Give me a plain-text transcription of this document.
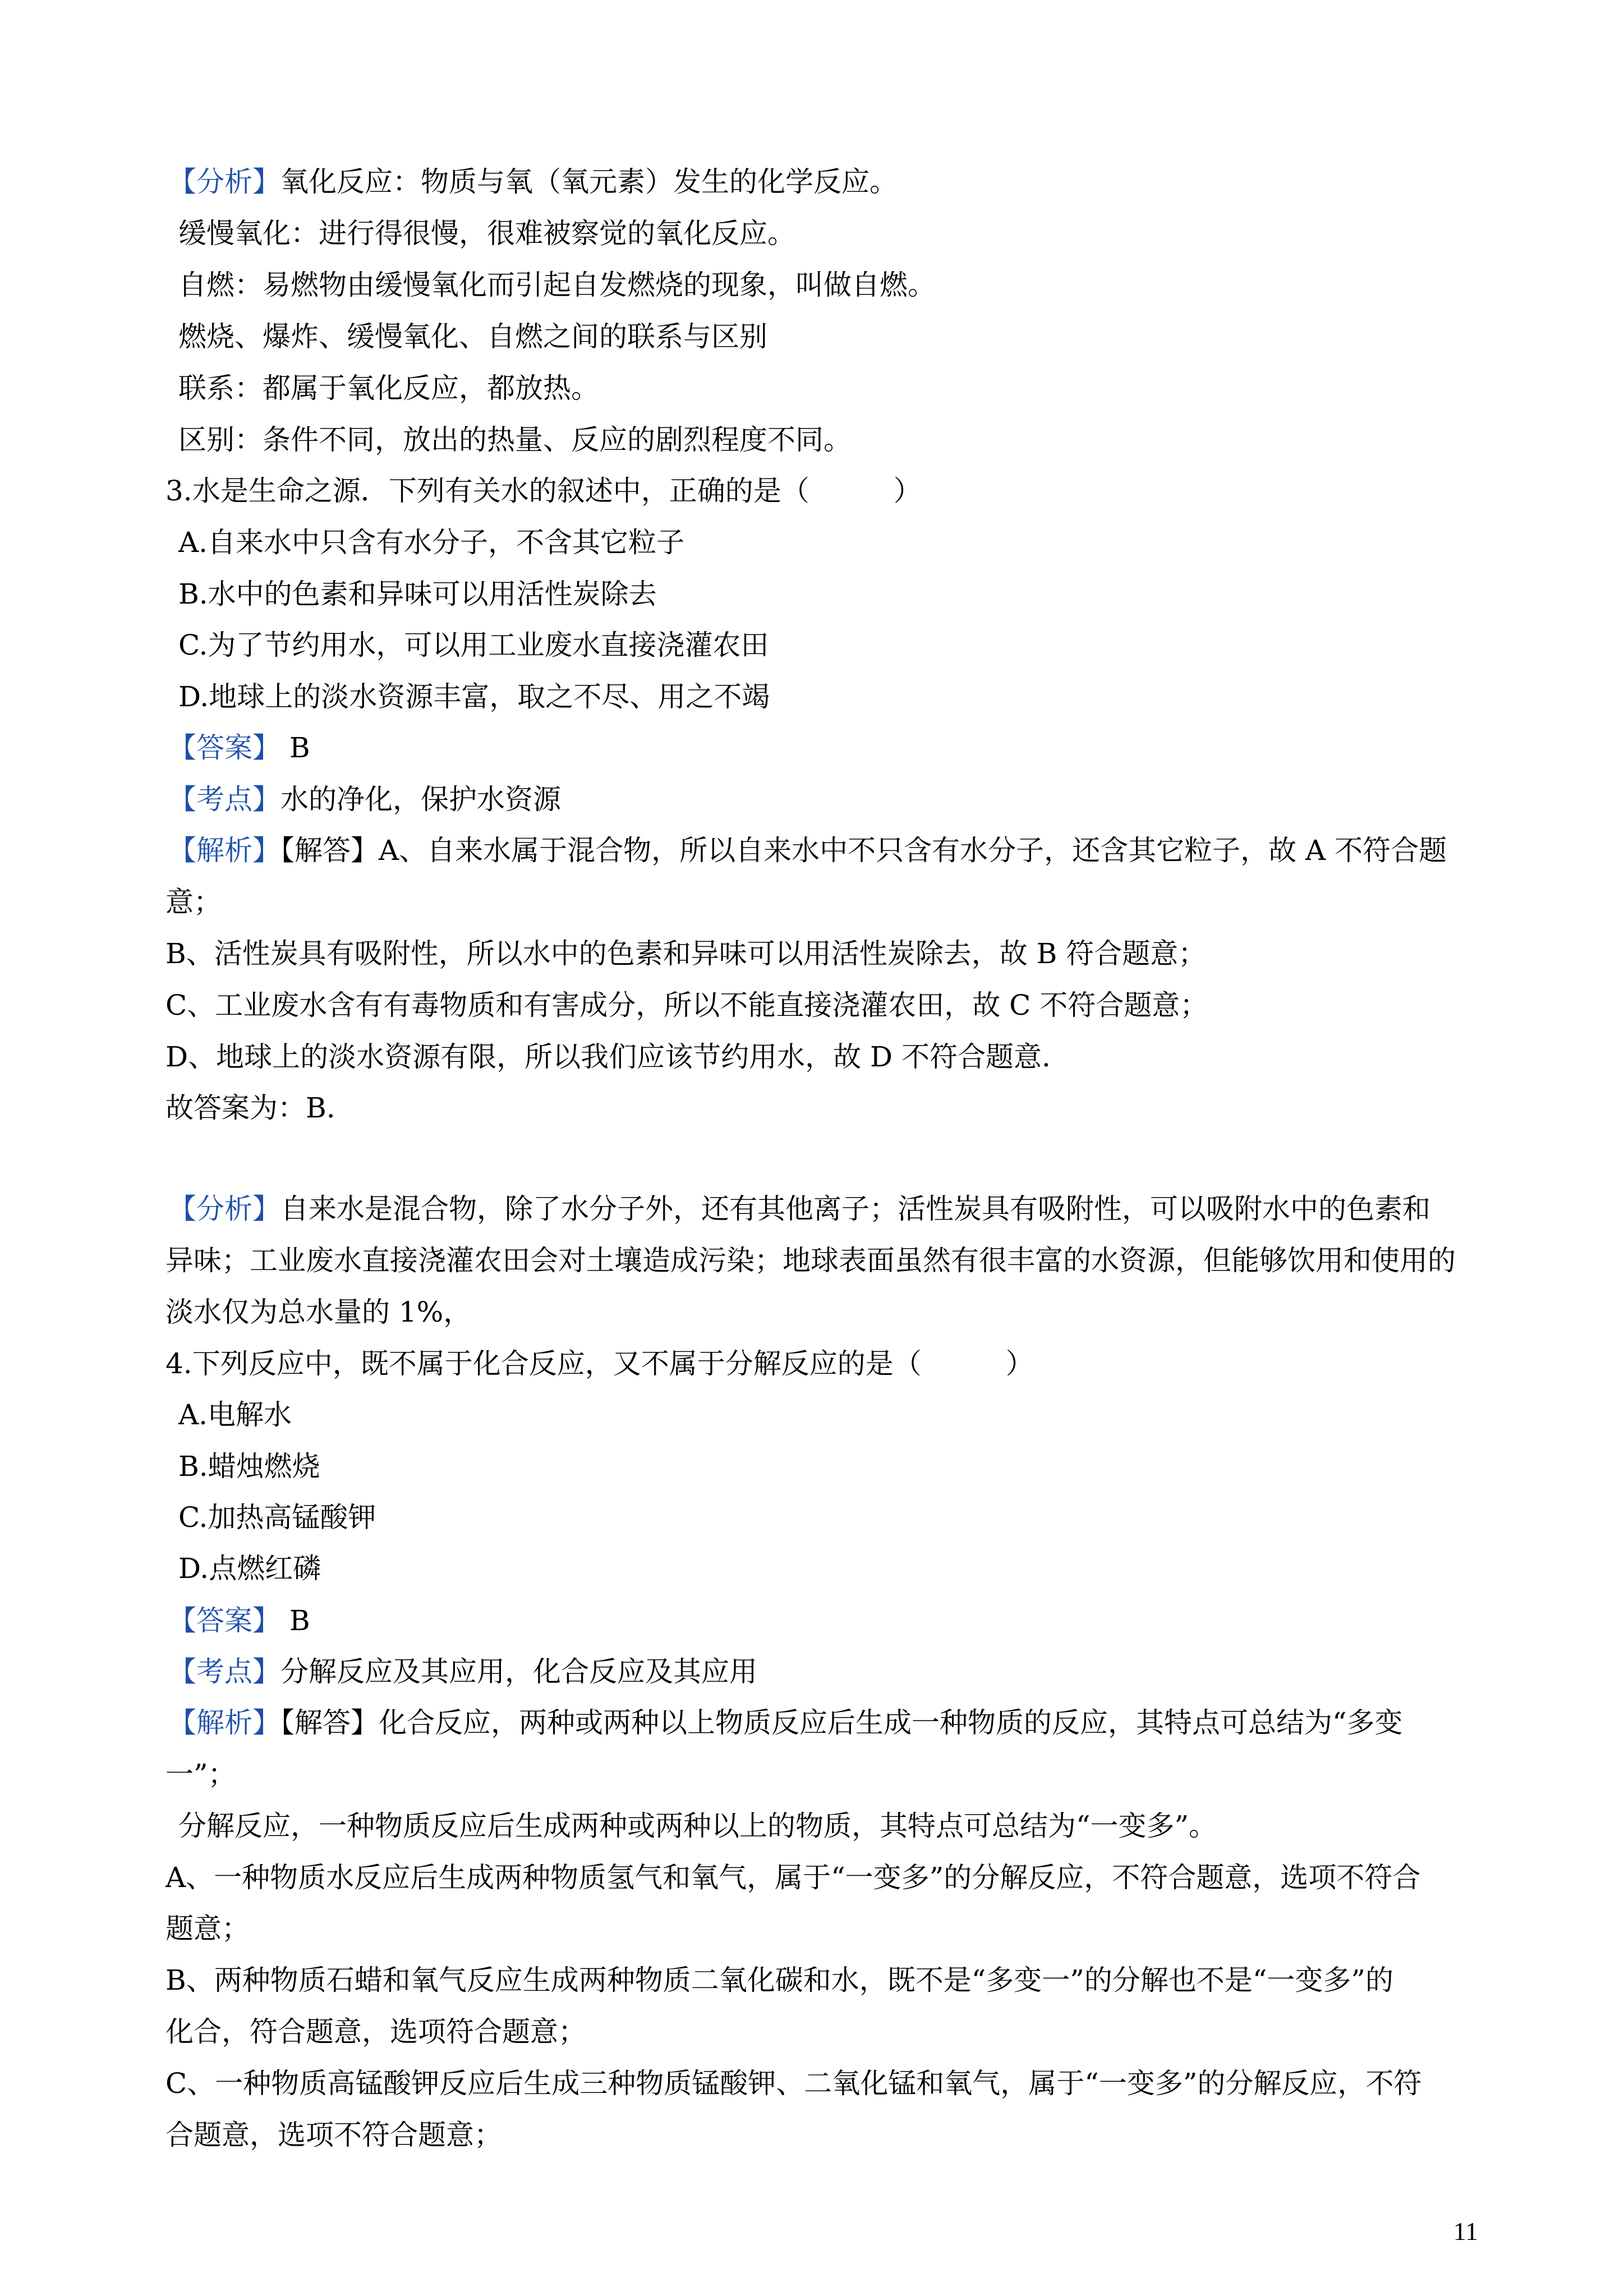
【分析】氧化反应：物质与氧（氧元素）发生的化学反应。
缓慢氧化：进行得很慢，很难被察觉的氧化反应。
自燃：易燃物由缓慢氧化而引起自发燃烧的现象，叫做自燃。
燃烧、爆炸、缓慢氧化、自燃之间的联系与区别
联系：都属于氧化反应，都放热。
区别：条件不同，放出的热量、反应的剧烈程度不同。
3.水是生命之源．下列有关水的叙述中，正确的是（　　　）
A.自来水中只含有水分子，不含其它粒子
B.水中的色素和异味可以用活性炭除去
C.为了节约用水，可以用工业废水直接浇灌农田
D.地球上的淡水资源丰富，取之不尽、用之不竭
【答案】 B
【考点】水的净化，保护水资源
【解析】【解答】A、自来水属于混合物，所以自来水中不只含有水分子，还含其它粒子，故 A 不符合题
意；
B、活性炭具有吸附性，所以水中的色素和异味可以用活性炭除去，故 B 符合题意；
C、工业废水含有有毒物质和有害成分，所以不能直接浇灌农田，故 C 不符合题意；
D、地球上的淡水资源有限，所以我们应该节约用水，故 D 不符合题意.
故答案为：B.
【分析】自来水是混合物，除了水分子外，还有其他离子；活性炭具有吸附性，可以吸附水中的色素和
异味；工业废水直接浇灌农田会对土壤造成污染；地球表面虽然有很丰富的水资源，但能够饮用和使用的
淡水仅为总水量的 1%，
4.下列反应中，既不属于化合反应，又不属于分解反应的是（　　　）
A.电解水
B.蜡烛燃烧
C.加热高锰酸钾
D.点燃红磷
【答案】 B
【考点】分解反应及其应用，化合反应及其应用
【解析】【解答】化合反应，两种或两种以上物质反应后生成一种物质的反应，其特点可总结为“多变
一”；
分解反应，一种物质反应后生成两种或两种以上的物质，其特点可总结为“一变多”。
A、一种物质水反应后生成两种物质氢气和氧气，属于“一变多”的分解反应，不符合题意，选项不符合
题意；
B、两种物质石蜡和氧气反应生成两种物质二氧化碳和水，既不是“多变一”的分解也不是“一变多”的
化合，符合题意，选项符合题意；
C、一种物质高锰酸钾反应后生成三种物质锰酸钾、二氧化锰和氧气，属于“一变多”的分解反应，不符
合题意，选项不符合题意；
11
